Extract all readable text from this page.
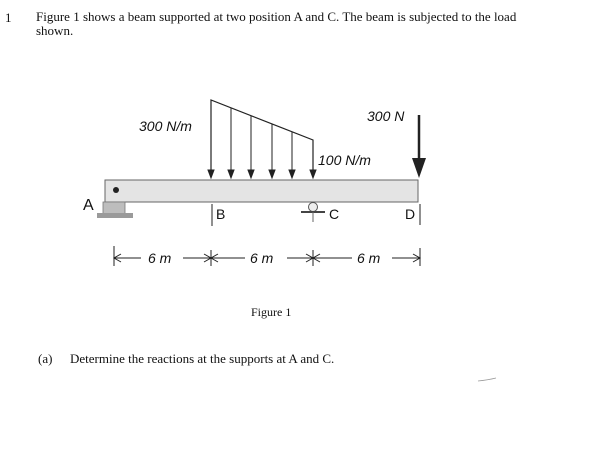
1 Figure 1 shows a beam supported at two position A and C. The beam is subjected to the load shown.
300 N/m
100 N/m
300 N
A	B	C	D
6 m	6 m	6 m
Figure 1
(a) Determine the reactions at the supports at A and C.
